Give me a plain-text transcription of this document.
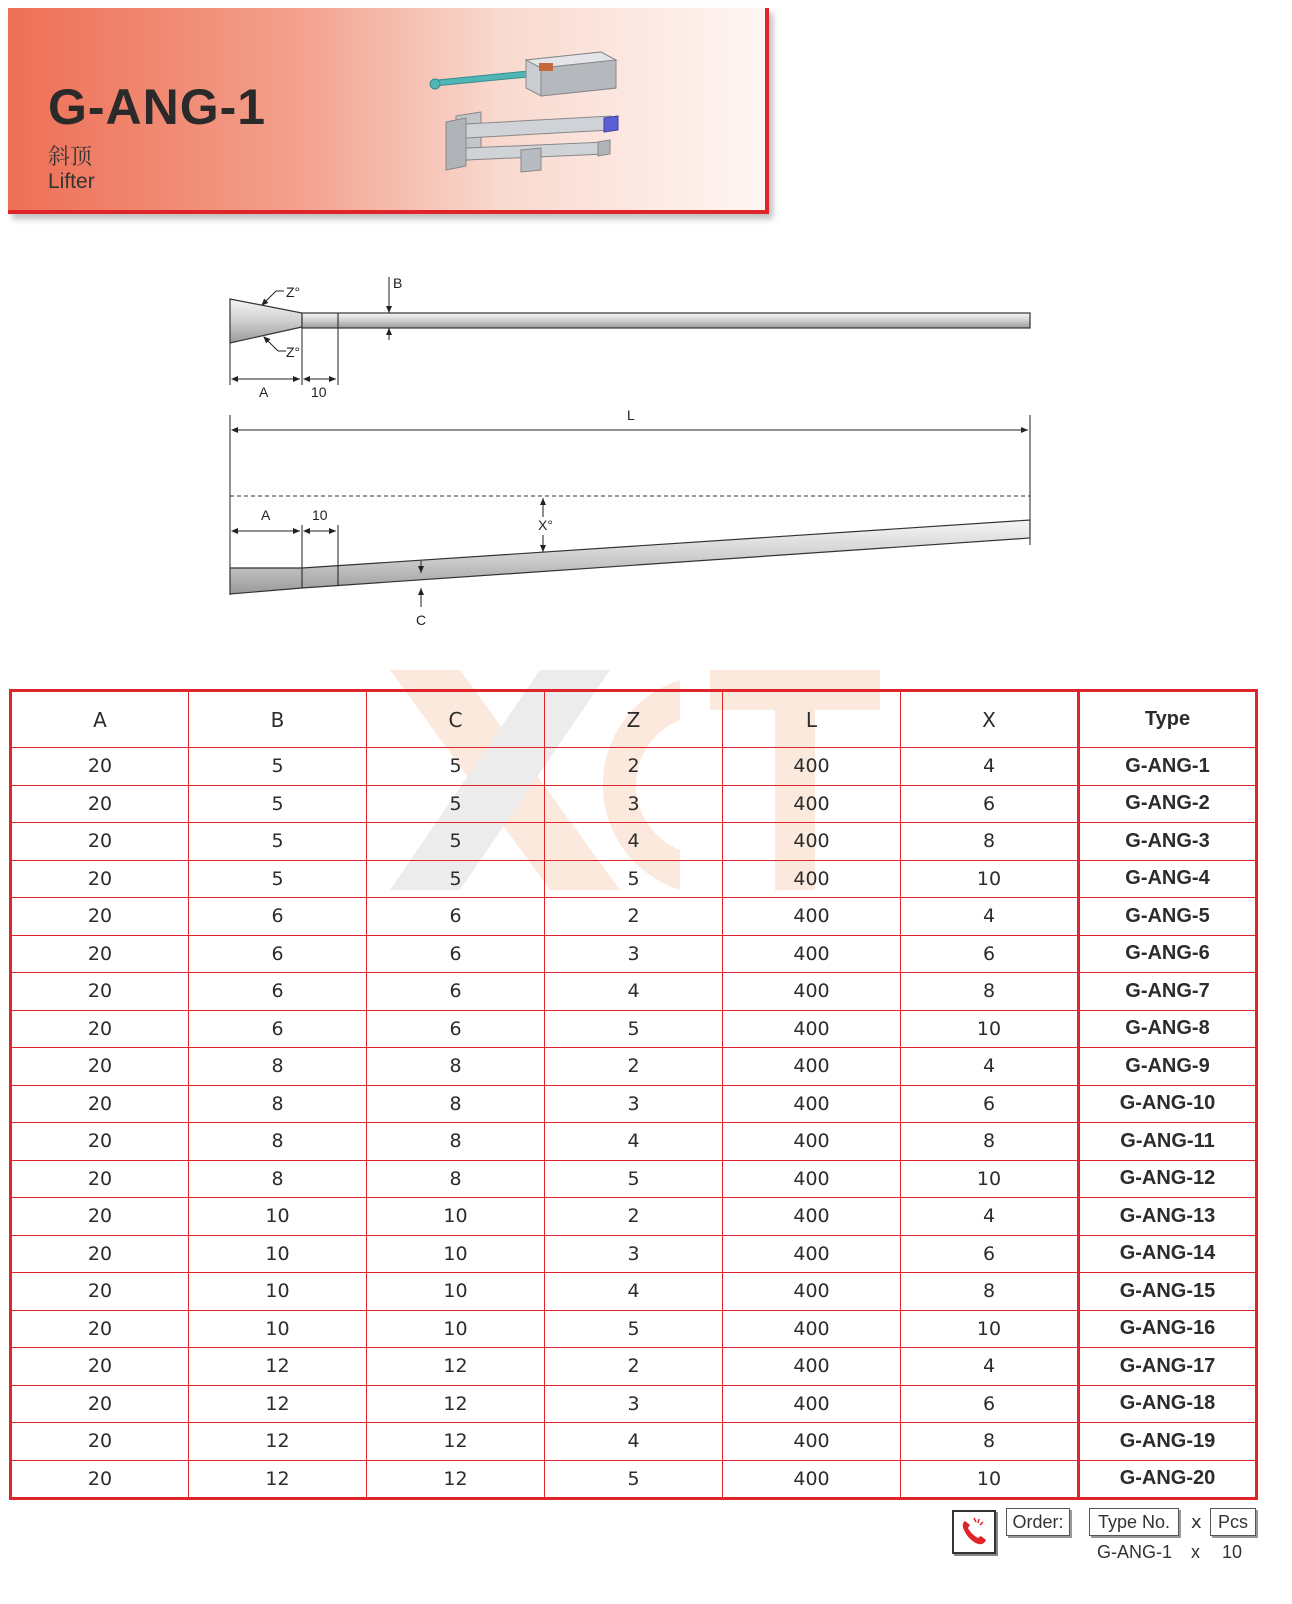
G-ANG-1
斜顶
Lifter
Z°
Z°
B
A	10
L
A	10
X°
C
XCT
A	B	C	Z	L	X	Type
20	5	5	2	400	4	G-ANG-1
20	5	5	3	400	6	G-ANG-2
20	5	5	4	400	8	G-ANG-3
20	5	5	5	400	10	G-ANG-4
20	6	6	2	400	4	G-ANG-5
20	6	6	3	400	6	G-ANG-6
20	6	6	4	400	8	G-ANG-7
20	6	6	5	400	10	G-ANG-8
20	8	8	2	400	4	G-ANG-9
20	8	8	3	400	6	G-ANG-10
20	8	8	4	400	8	G-ANG-11
20	8	8	5	400	10	G-ANG-12
20	10	10	2	400	4	G-ANG-13
20	10	10	3	400	6	G-ANG-14
20	10	10	4	400	8	G-ANG-15
20	10	10	5	400	10	G-ANG-16
20	12	12	2	400	4	G-ANG-17
20	12	12	3	400	6	G-ANG-18
20	12	12	4	400	8	G-ANG-19
20	12	12	5	400	10	G-ANG-20
Order:	Type No.	x Pcs
G-ANG-1 x 10
